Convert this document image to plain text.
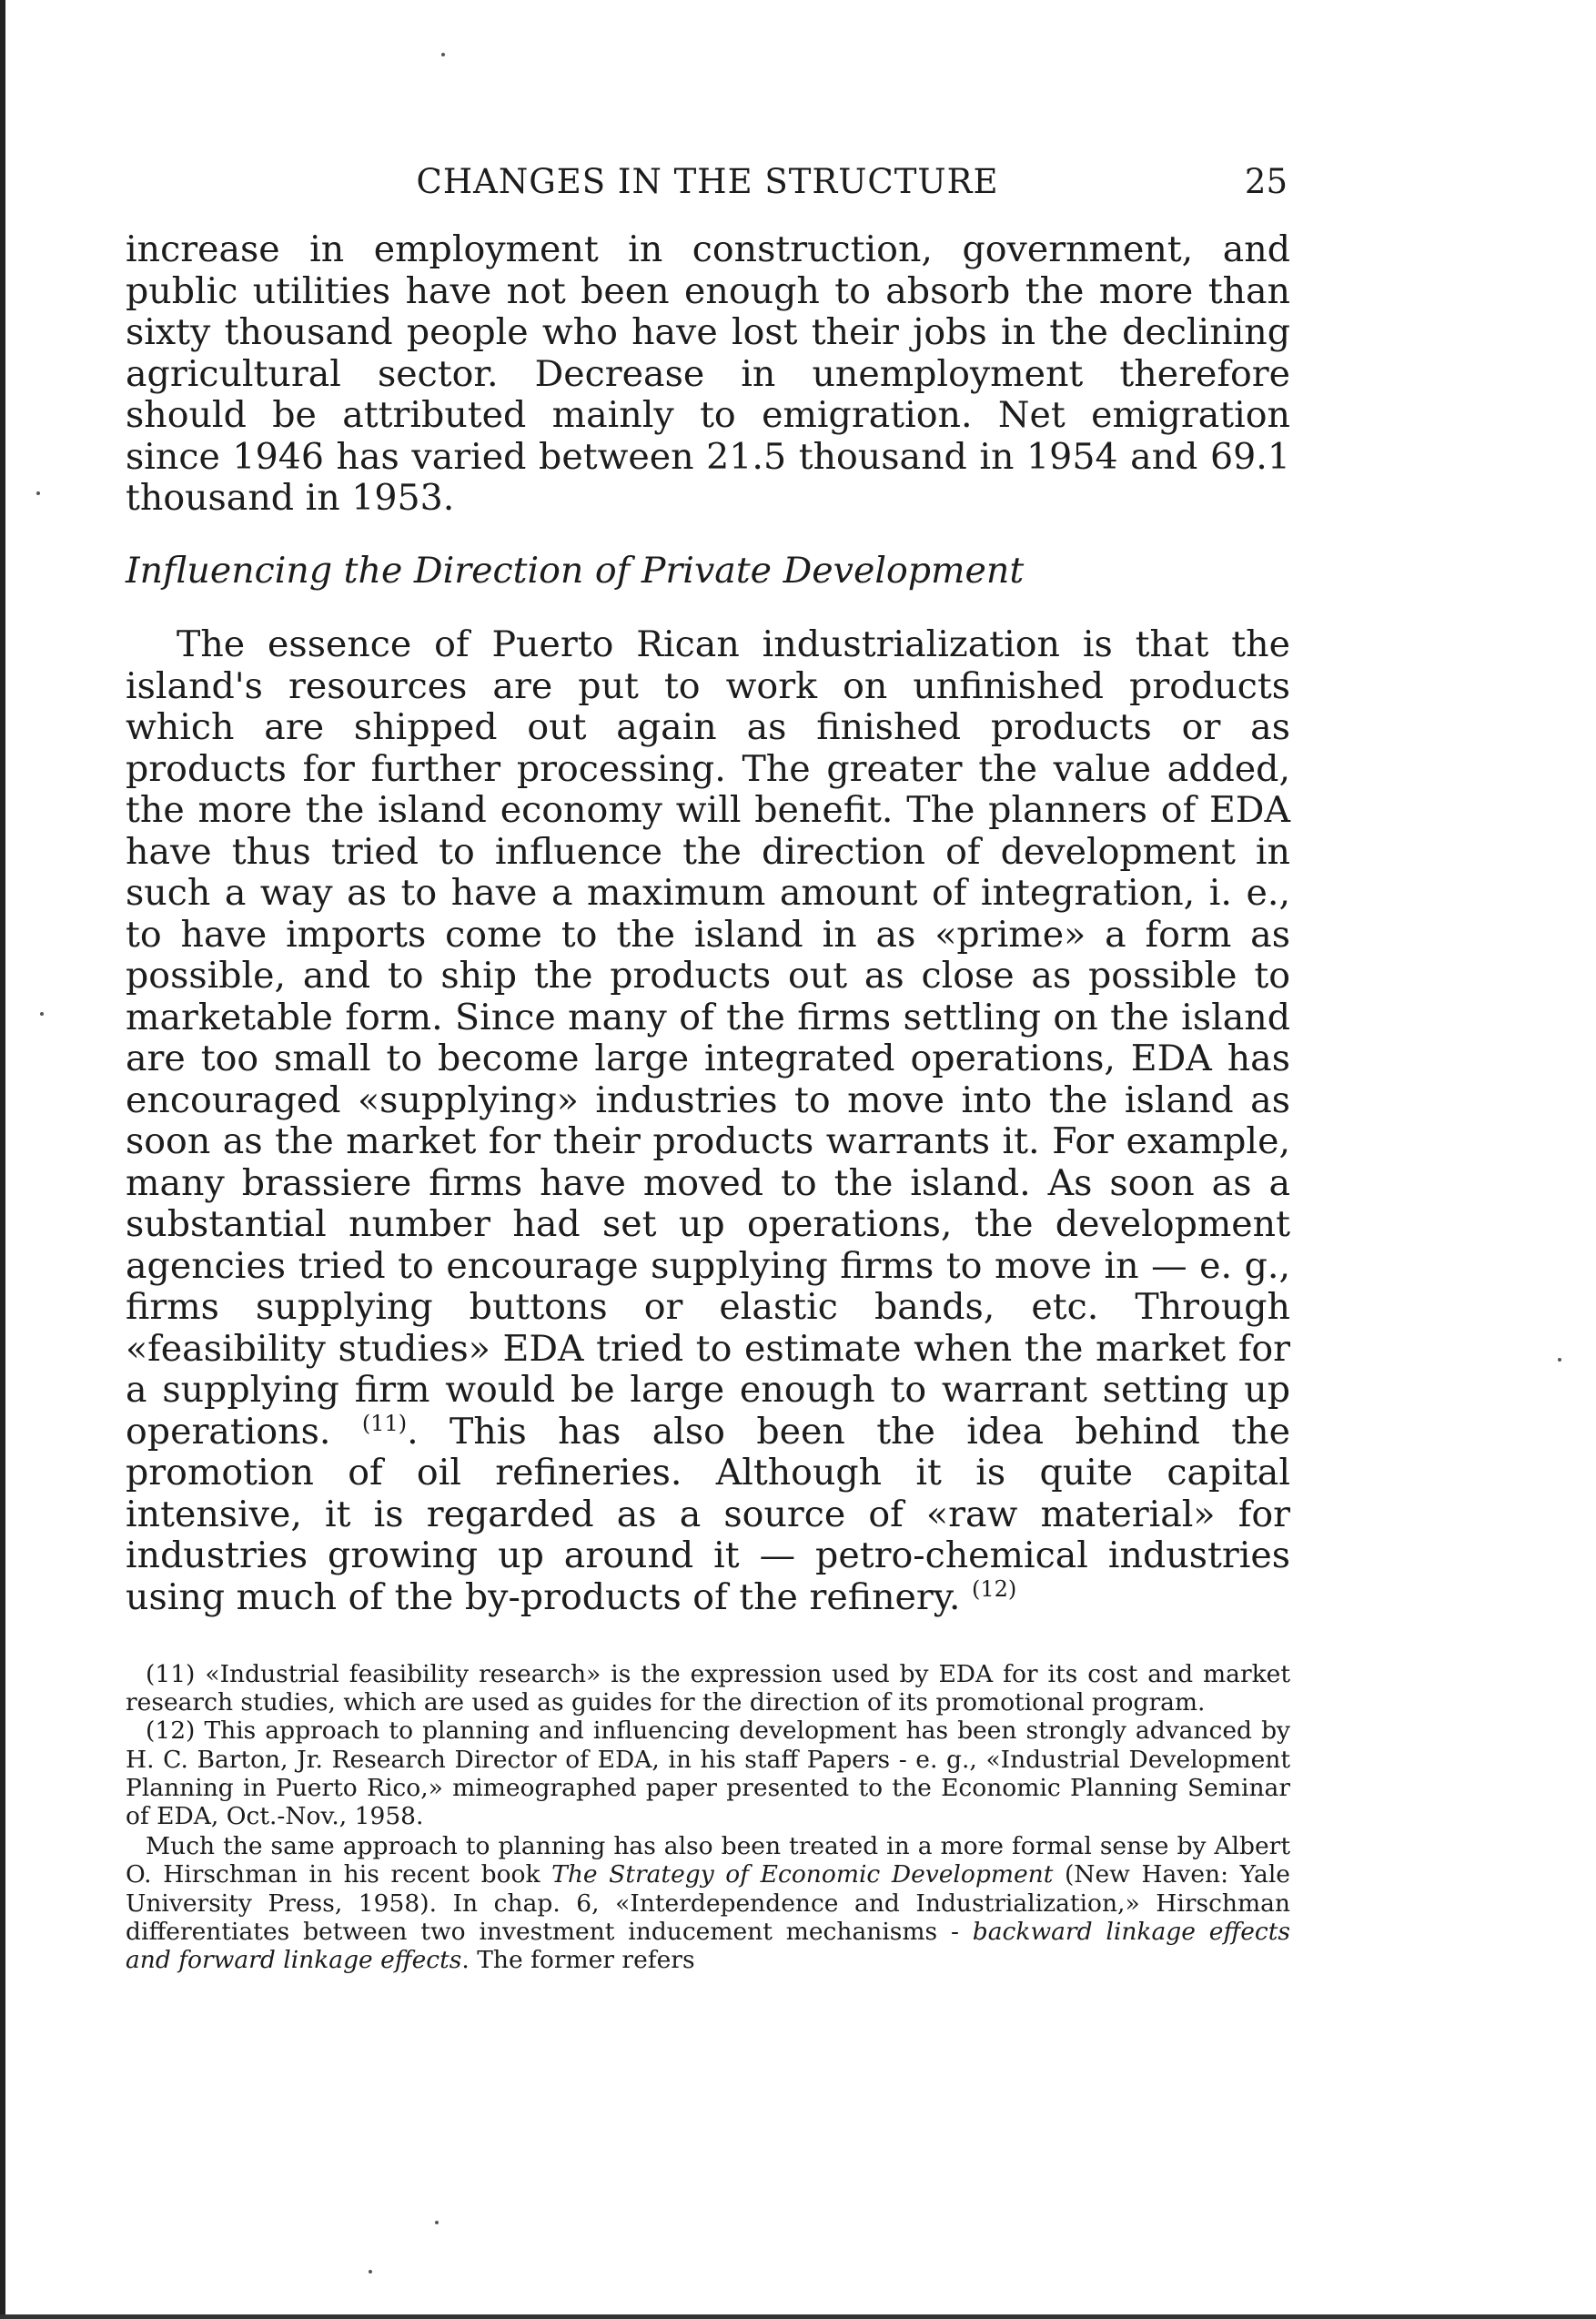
CHANGES IN THE STRUCTURE	25

increase in employment in construction, government, and public utilities have not been enough to absorb the more than sixty thousand people who have lost their jobs in the declining agricultural sector. Decrease in unemployment therefore should be attributed mainly to emigration. Net emigration since 1946 has varied between 21.5 thousand in 1954 and 69.1 thousand in 1953.

Influencing the Direction of Private Development

The essence of Puerto Rican industrialization is that the island's resources are put to work on unfinished products which are shipped out again as finished products or as products for further processing. The greater the value added, the more the island economy will benefit. The planners of EDA have thus tried to influence the direction of development in such a way as to have a maximum amount of integration, i. e., to have imports come to the island in as «prime» a form as possible, and to ship the products out as close as possible to marketable form. Since many of the firms settling on the island are too small to become large integrated operations, EDA has encouraged «supplying» industries to move into the island as soon as the market for their products warrants it. For example, many brassiere firms have moved to the island. As soon as a substantial number had set up operations, the development agencies tried to encourage supplying firms to move in — e. g., firms supplying buttons or elastic bands, etc. Through «feasibility studies» EDA tried to estimate when the market for a supplying firm would be large enough to warrant setting up operations. $^{(11)}$. This has also been the idea behind the promotion of oil refineries. Although it is quite capital intensive, it is regarded as a source of «raw material» for industries growing up around it — petro-chemical industries using much of the by-products of the refinery. $^{(12)}$

(11) «Industrial feasibility research» is the expression used by EDA for its cost and market research studies, which are used as guides for the direction of its promotional program.

(12) This approach to planning and influencing development has been strongly advanced by H. C. Barton, Jr. Research Director of EDA, in his staff Papers - e. g., «Industrial Development Planning in Puerto Rico,» mimeographed paper presented to the Economic Planning Seminar of EDA, Oct.-Nov., 1958.

Much the same approach to planning has also been treated in a more formal sense by Albert O. Hirschman in his recent book The Strategy of Economic Development (New Haven: Yale University Press, 1958). In chap. 6, «Interdependence and Industrialization,» Hirschman differentiates between two investment inducement mechanisms - backward linkage effects and forward linkage effects. The former refers
